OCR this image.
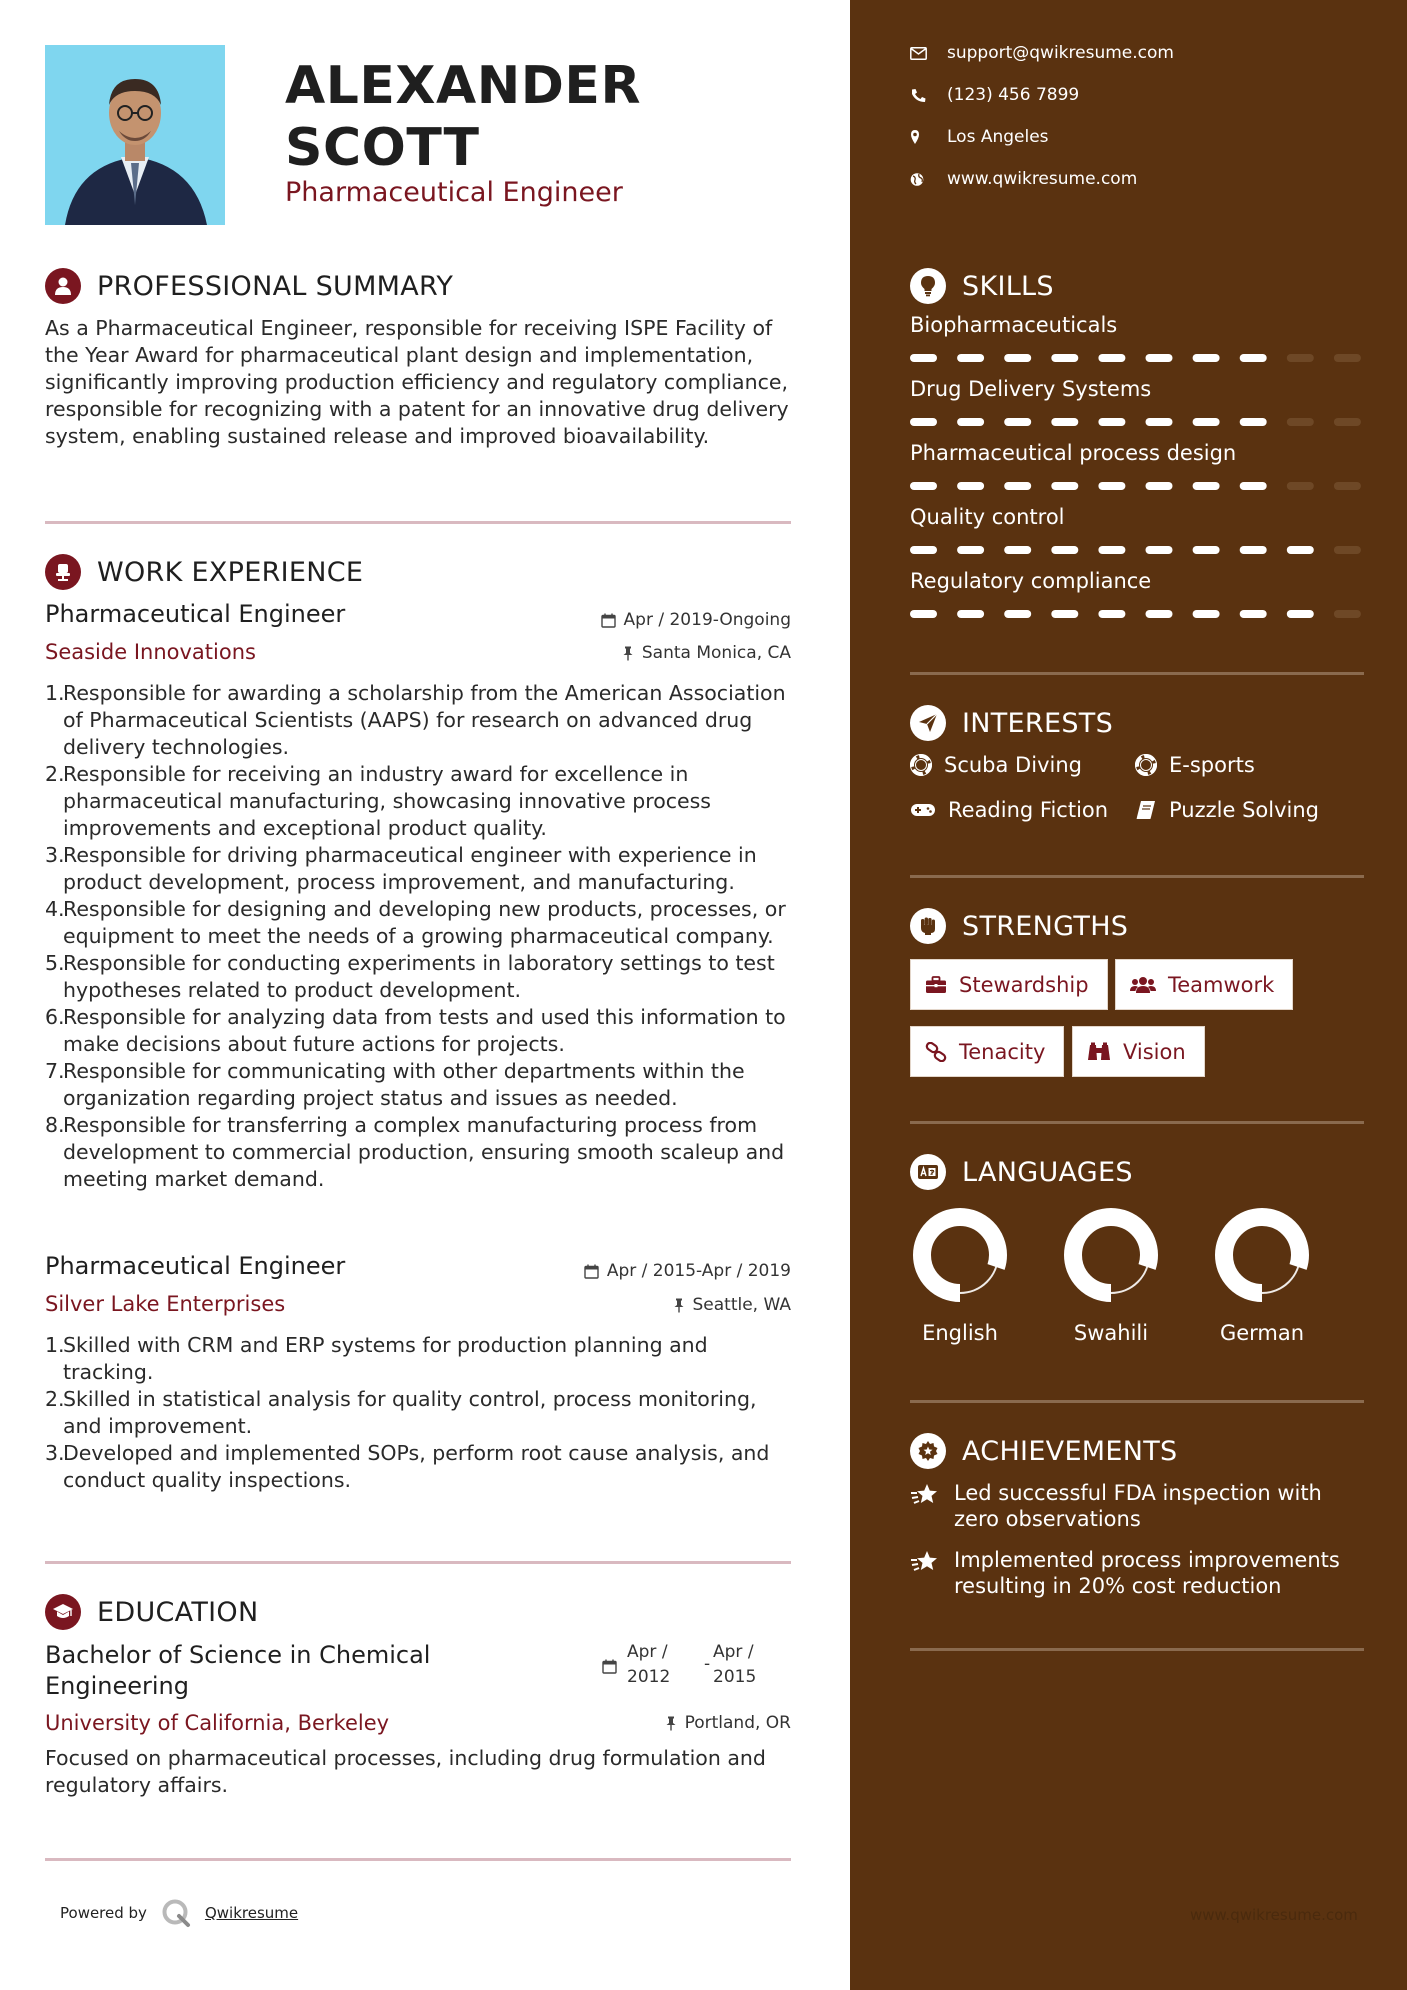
ALEXANDER
SCOTT
Pharmaceutical Engineer
PROFESSIONAL SUMMARY
As a Pharmaceutical Engineer, responsible for receiving ISPE Facility of the Year Award for pharmaceutical plant design and implementation, significantly improving production efficiency and regulatory compliance, responsible for recognizing with a patent for an innovative drug delivery system, enabling sustained release and improved bioavailability.
WORK EXPERIENCE
Pharmaceutical Engineer	Apr / 2019-Ongoing
Seaside Innovations	Santa Monica, CA
1.
Responsible for awarding a scholarship from the American Association of Pharmaceutical Scientists (AAPS) for research on advanced drug delivery technologies.
2.
Responsible for receiving an industry award for excellence in pharmaceutical manufacturing, showcasing innovative process improvements and exceptional product quality.
3.
Responsible for driving pharmaceutical engineer with experience in product development, process improvement, and manufacturing.
4.
Responsible for designing and developing new products, processes, or equipment to meet the needs of a growing pharmaceutical company.
5.
Responsible for conducting experiments in laboratory settings to test hypotheses related to product development.
6.
Responsible for analyzing data from tests and used this information to make decisions about future actions for projects.
7.
Responsible for communicating with other departments within the organization regarding project status and issues as needed.
8.
Responsible for transferring a complex manufacturing process from development to commercial production, ensuring smooth scaleup and meeting market demand.
Pharmaceutical Engineer	Apr / 2015-Apr / 2019
Silver Lake Enterprises	Seattle, WA
1.
Skilled with CRM and ERP systems for production planning and tracking.
2.
Skilled in statistical analysis for quality control, process monitoring, and improvement.
3.
Developed and implemented SOPs, perform root cause analysis, and conduct quality inspections.
EDUCATION
Bachelor of Science in Chemical
Engineering
Apr /
2012
-
Apr /
2015
University of California, Berkeley	Portland, OR
Focused on pharmaceutical processes, including drug formulation and regulatory affairs.
Powered by	Qwikresume
support@qwikresume.com
(123) 456 7899
Los Angeles
www.qwikresume.com
SKILLS
Biopharmaceuticals
Drug Delivery Systems
Pharmaceutical process design
Quality control
Regulatory compliance
INTERESTS
Scuba Diving	E-sports
Reading Fiction	Puzzle Solving
STRENGTHS
Stewardship	Teamwork
Tenacity	Vision
LANGUAGES
English	Swahili	German
ACHIEVEMENTS
Led successful FDA inspection with zero observations
Implemented process improvements resulting in 20% cost reduction
www.qwikresume.com
